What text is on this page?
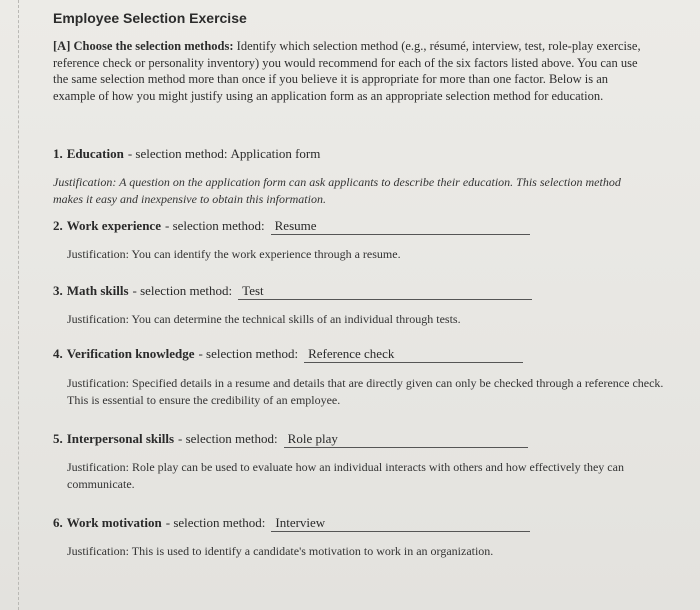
Employee Selection Exercise
[A] Choose the selection methods: Identify which selection method (e.g., résumé, interview, test, role-play exercise, reference check or personality inventory) you would recommend for each of the six factors listed above. You can use the same selection method more than once if you believe it is appropriate for more than one factor. Below is an example of how you might justify using an application form as an appropriate selection method for education.
1. Education - selection method: Application form
Justification: A question on the application form can ask applicants to describe their education. This selection method makes it easy and inexpensive to obtain this information.
2. Work experience - selection method: Resume
Justification: You can identify the work experience through a resume.
3. Math skills - selection method: Test
Justification: You can determine the technical skills of an individual through tests.
4. Verification knowledge - selection method: Reference check
Justification: Specified details in a resume and details that are directly given can only be checked through a reference check. This is essential to ensure the credibility of an employee.
5. Interpersonal skills - selection method: Role play
Justification: Role play can be used to evaluate how an individual interacts with others and how effectively they can communicate.
6. Work motivation - selection method: Interview
Justification: This is used to identify a candidate's motivation to work in an organization.
